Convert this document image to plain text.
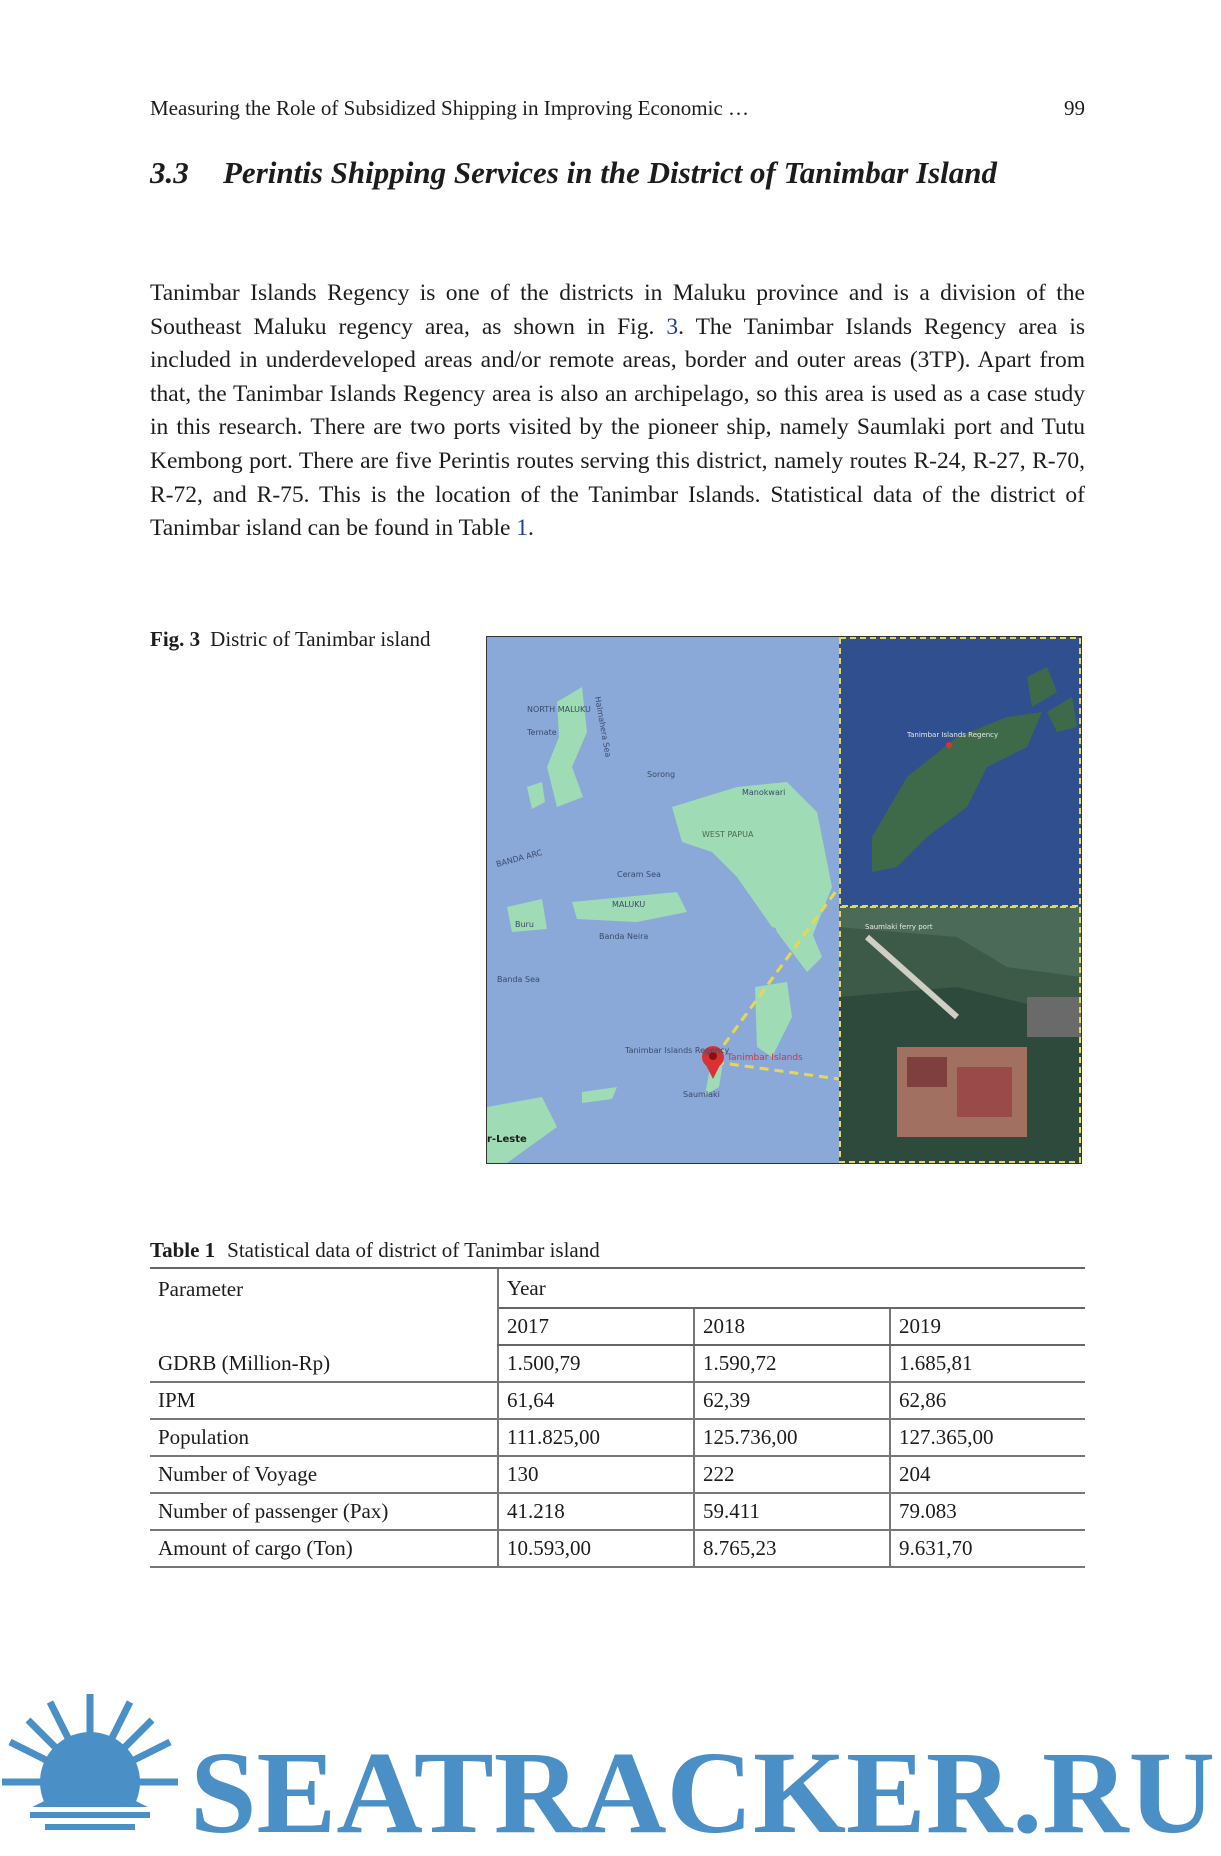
Measuring the Role of Subsidized Shipping in Improving Economic …	99
3.3	Perintis Shipping Services in the District of Tanimbar Island

Tanimbar Islands Regency is one of the districts in Maluku province and is a division of the Southeast Maluku regency area, as shown in Fig. 3. The Tanimbar Islands Regency area is included in underdeveloped areas and/or remote areas, border and outer areas (3TP). Apart from that, the Tanimbar Islands Regency area is also an archipelago, so this area is used as a case study in this research. There are two ports visited by the pioneer ship, namely Saumlaki port and Tutu Kembong port. There are five Perintis routes serving this district, namely routes R-24, R-27, R-70, R-72, and R-75. This is the location of the Tanimbar Islands. Statistical data of the district of Tanimbar island can be found in Table 1.

Fig. 3 Distric of Tanimbar island
NORTH MALUKU Halmahera Sea
Ternate
Sorong
WEST PAPUA
Manokwari
Ceram Sea
BANDA ARC
Buru
MALUKU
Banda Neira
Banda Sea
Tanimbar Islands Regency
Tanimbar Islands
Saumlaki
r-Leste
Tanimbar Islands Regency
Saumlaki ferry port
Table 1 Statistical data of district of Tanimbar island
Parameter	Year		
	2017	2018	2019
GDRB (Million-Rp)	1.500,79	1.590,72	1.685,81
IPM	61,64	62,39	62,86
Population	111.825,00	125.736,00	127.365,00
Number of Voyage	130	222	204
Number of passenger (Pax)	41.218	59.411	79.083
Amount of cargo (Ton)	10.593,00	8.765,23	9.631,70
SEATRACKER.RU
